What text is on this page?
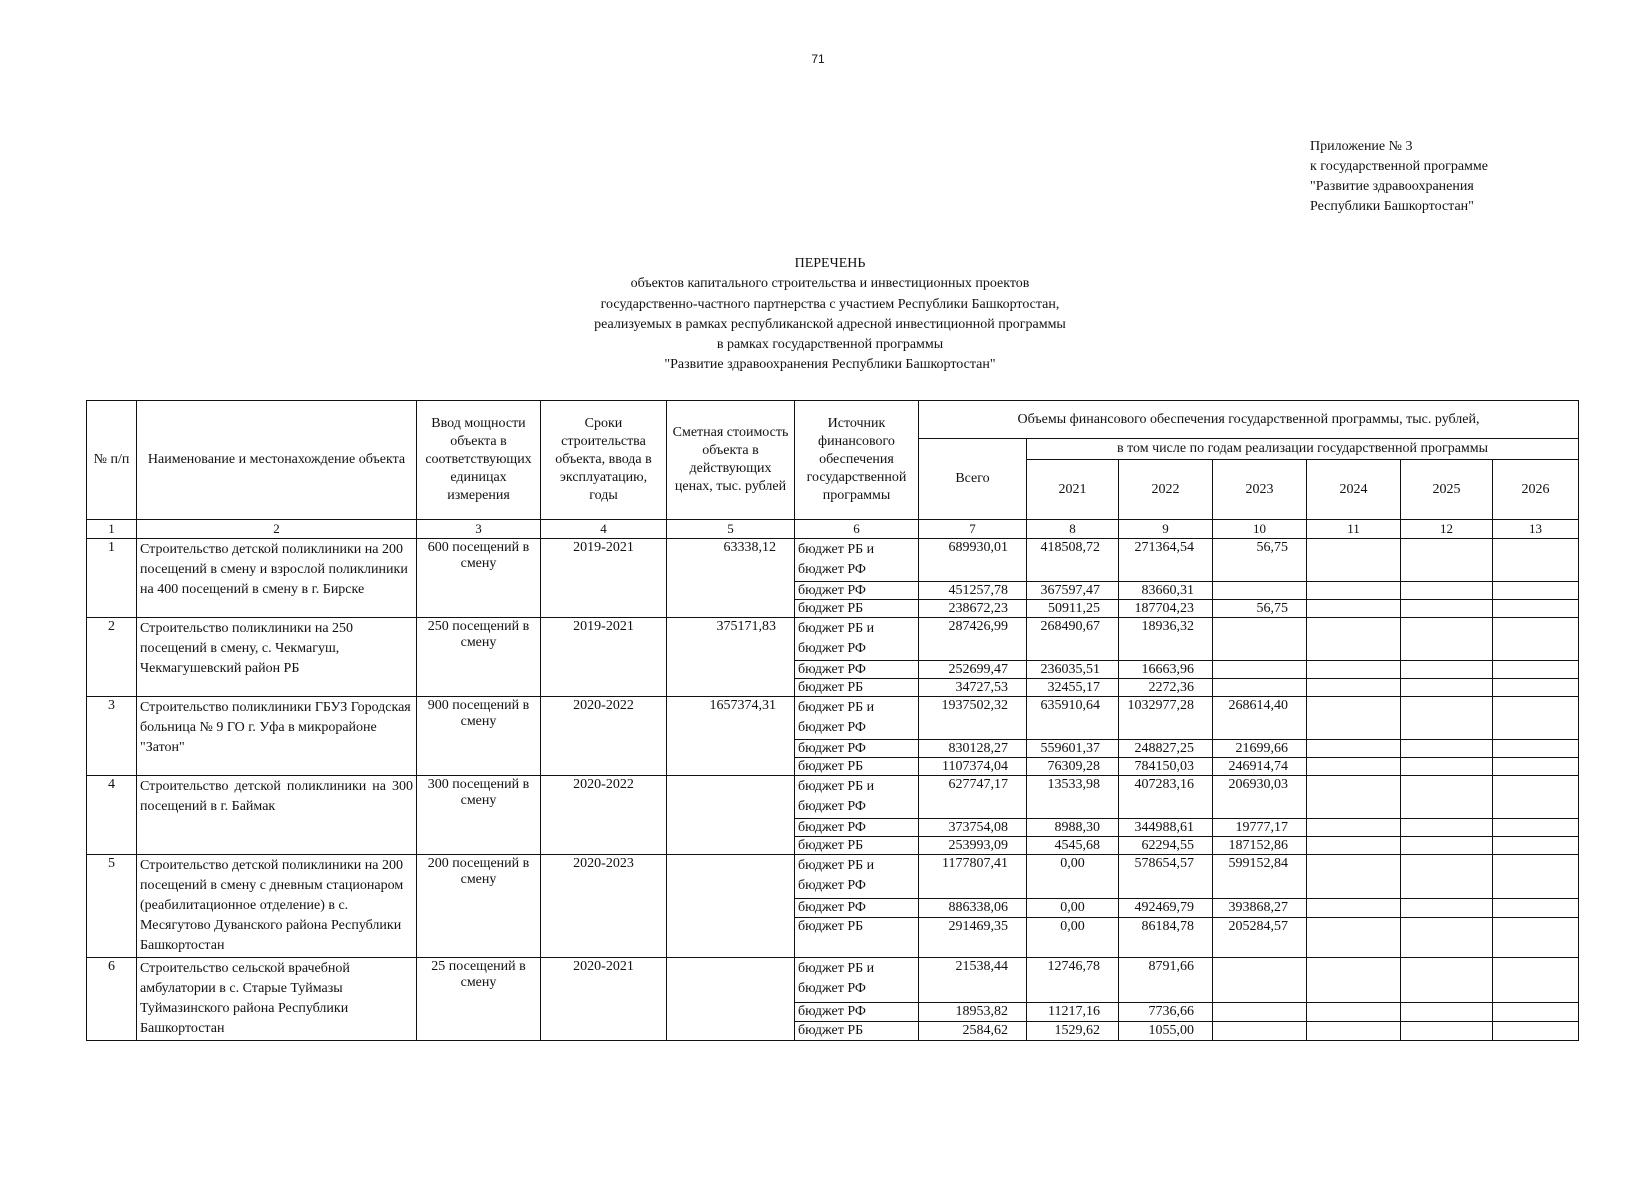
71
Приложение № 3
к государственной программе
"Развитие здравоохранения
Республики Башкортостан"
ПЕРЕЧЕНЬ
объектов капитального строительства и инвестиционных проектов
государственно-частного партнерства с участием Республики Башкортостан,
реализуемых в рамках республиканской адресной инвестиционной программы
в рамках государственной программы
"Развитие здравоохранения Республики Башкортостан"
№ п/п	Наименование и местонахождение объекта	Ввод мощности объекта в соответствующих единицах измерения	Сроки строительства объекта, ввода в эксплуатацию, годы	Сметная стоимость объекта в действующих ценах, тыс. рублей	Источник финансового обеспечения государственной программы	Объемы финансового обеспечения государственной программы, тыс. рублей,						
						Всего	в том числе по годам реализации государственной программы					
							2021	2022	2023	2024	2025	2026
1	2	3	4	5	6	7	8	9	10	11	12	13
1	Строительство детской поликлиники на 200 посещений в смену и взрослой поликлиники на 400 посещений в смену в г. Бирске	600 посещений в смену	2019-2021	63338,12	бюджет РБ и бюджет РФ	689930,01	418508,72	271364,54	56,75			
					бюджет РФ	451257,78	367597,47	83660,31				
					бюджет РБ	238672,23	50911,25	187704,23	56,75			
2	Строительство поликлиники на 250 посещений в смену, с. Чекмагуш, Чекмагушевский район РБ	250 посещений в смену	2019-2021	375171,83	бюджет РБ и бюджет РФ	287426,99	268490,67	18936,32				
					бюджет РФ	252699,47	236035,51	16663,96				
					бюджет РБ	34727,53	32455,17	2272,36				
3	Строительство поликлиники ГБУЗ Городская больница № 9 ГО г. Уфа в микрорайоне "Затон"	900 посещений в смену	2020-2022	1657374,31	бюджет РБ и бюджет РФ	1937502,32	635910,64	1032977,28	268614,40			
					бюджет РФ	830128,27	559601,37	248827,25	21699,66			
					бюджет РБ	1107374,04	76309,28	784150,03	246914,74			
4	Строительство детской поликлиники на 300 посещений в г. Баймак	300 посещений в смену	2020-2022		бюджет РБ и бюджет РФ	627747,17	13533,98	407283,16	206930,03			
					бюджет РФ	373754,08	8988,30	344988,61	19777,17			
					бюджет РБ	253993,09	4545,68	62294,55	187152,86			
5	Строительство детской поликлиники на 200 посещений в смену с дневным стационаром (реабилитационное отделение) в с. Месягутово Дуванского района Республики Башкортостан	200 посещений в смену	2020-2023		бюджет РБ и бюджет РФ	1177807,41	0,00	578654,57	599152,84			
					бюджет РФ	886338,06	0,00	492469,79	393868,27			
					бюджет РБ	291469,35	0,00	86184,78	205284,57			
6	Строительство сельской врачебной амбулатории в с. Старые Туймазы Туймазинского района Республики Башкортостан	25 посещений в смену	2020-2021		бюджет РБ и бюджет РФ	21538,44	12746,78	8791,66				
					бюджет РФ	18953,82	11217,16	7736,66				
					бюджет РБ	2584,62	1529,62	1055,00				
